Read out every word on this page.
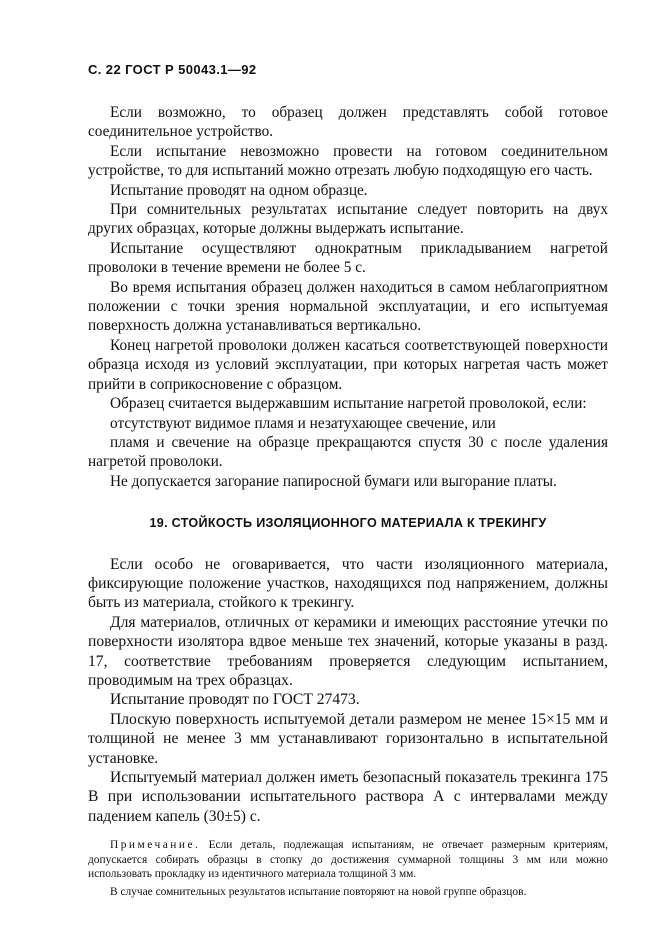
С. 22 ГОСТ Р 50043.1—92

Если возможно, то образец должен представлять собой готовое соединительное устройство.

Если испытание невозможно провести на готовом соединительном устройстве, то для испытаний можно отрезать любую подходящую его часть.

Испытание проводят на одном образце.

При сомнительных результатах испытание следует повторить на двух других образцах, которые должны выдержать испытание.

Испытание осуществляют однократным прикладыванием нагретой проволоки в течение времени не более 5 с.

Во время испытания образец должен находиться в самом неблагоприятном положении с точки зрения нормальной эксплуатации, и его испытуемая поверхность должна устанавливаться вертикально.

Конец нагретой проволоки должен касаться соответствующей поверхности образца исходя из условий эксплуатации, при которых нагретая часть может прийти в соприкосновение с образцом.

Образец считается выдержавшим испытание нагретой проволокой, если:

отсутствуют видимое пламя и незатухающее свечение, или

пламя и свечение на образце прекращаются спустя 30 с после удаления нагретой проволоки.

Не допускается загорание папиросной бумаги или выгорание платы.

19. СТОЙКОСТЬ ИЗОЛЯЦИОННОГО МАТЕРИАЛА К ТРЕКИНГУ

Если особо не оговаривается, что части изоляционного материала, фиксирующие положение участков, находящихся под напряжением, должны быть из материала, стойкого к трекингу.

Для материалов, отличных от керамики и имеющих расстояние утечки по поверхности изолятора вдвое меньше тех значений, которые указаны в разд. 17, соответствие требованиям проверяется следующим испытанием, проводимым на трех образцах.

Испытание проводят по ГОСТ 27473.

Плоскую поверхность испытуемой детали размером не менее 15×15 мм и толщиной не менее 3 мм устанавливают горизонтально в испытательной установке.

Испытуемый материал должен иметь безопасный показатель трекинга 175 В при использовании испытательного раствора А с интервалами между падением капель (30±5) с.

Примечание. Если деталь, подлежащая испытаниям, не отвечает размерным критериям, допускается собирать образцы в стопку до достижения суммарной толщины 3 мм или можно использовать прокладку из идентичного материала толщиной 3 мм.

В случае сомнительных результатов испытание повторяют на новой группе образцов.
